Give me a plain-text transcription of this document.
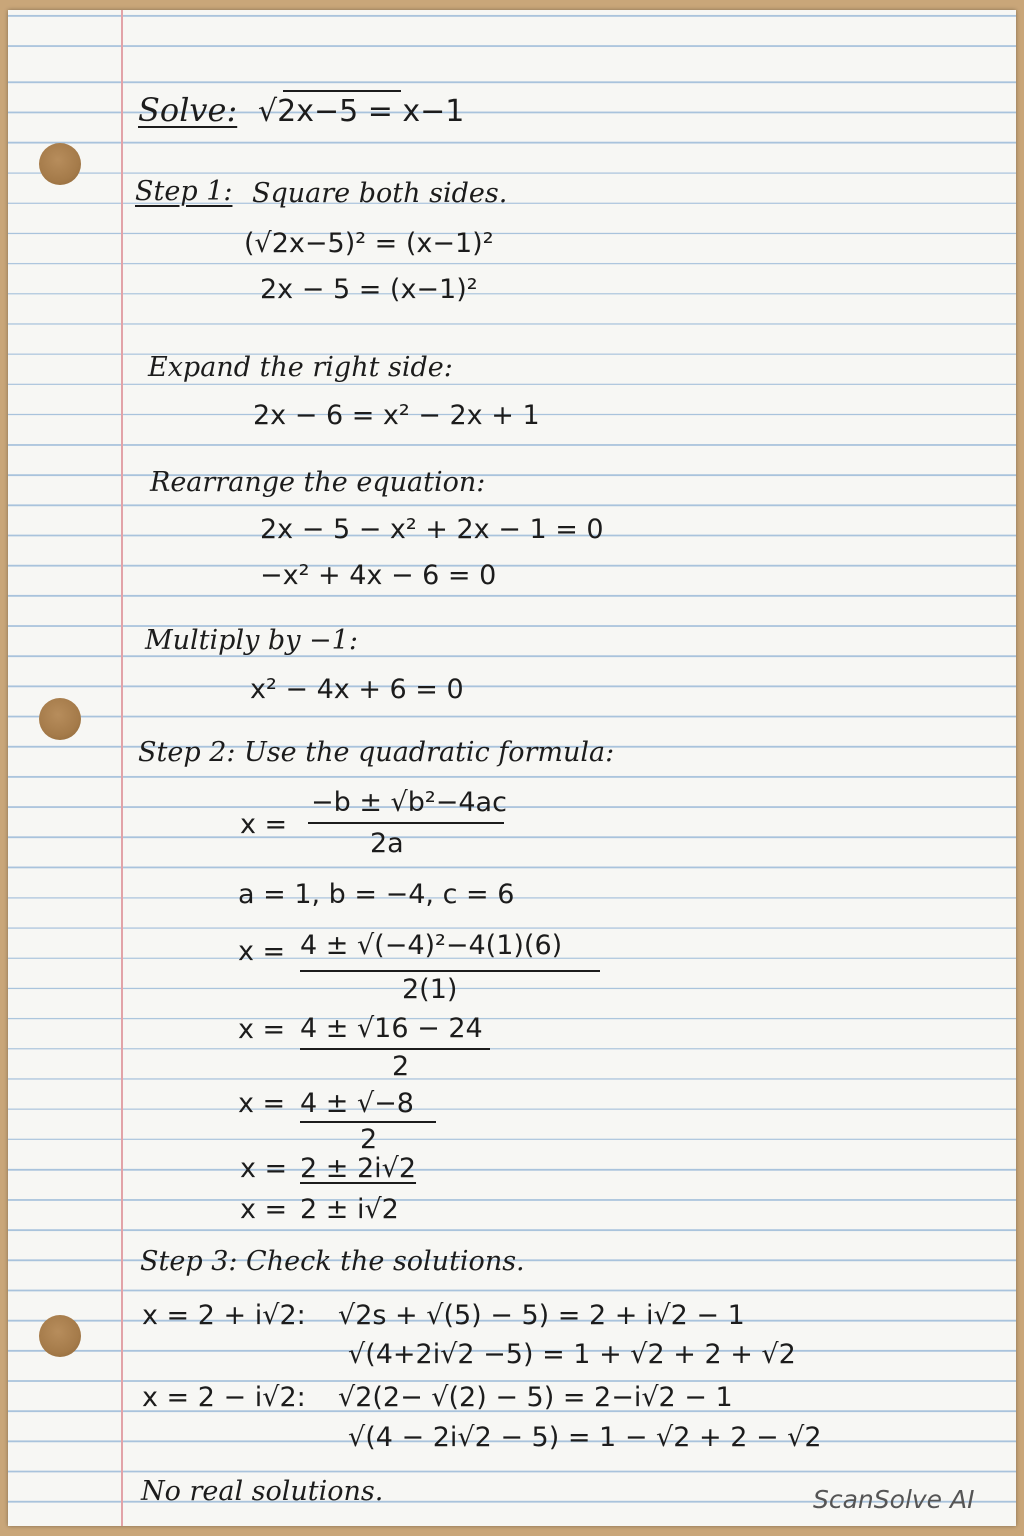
Solve: √2x−5 = x−1
Step 1: Square both sides.
(√2x−5)² = (x−1)²
2x − 5 = (x−1)²
Expand the right side:
2x − 6 = x² − 2x + 1
Rearrange the equation:
2x − 5 − x² + 2x − 1 = 0
−x² + 4x − 6 = 0
Multiply by −1:
x² − 4x + 6 = 0
Step 2: Use the quadratic formula:
x =
−b ± √b²−4ac
2a
a = 1, b = −4, c = 6
x = 4 ± √(−4)²−4(1)(6)
2(1)
x = 4 ± √16 − 24
2
x = 4 ± √−8
2
x = 2 ± 2i√2
x = 2 ± i√2
Step 3: Check the solutions.
x = 2 + i√2: √2s + √(5) − 5) = 2 + i√2 − 1
√(4+2i√2 −5) = 1 + √2 + 2 + √2
x = 2 − i√2: √2(2− √(2) − 5) = 2−i√2 − 1
√(4 − 2i√2 − 5) = 1 − √2 + 2 − √2
No real solutions.	ScanSolve AI
